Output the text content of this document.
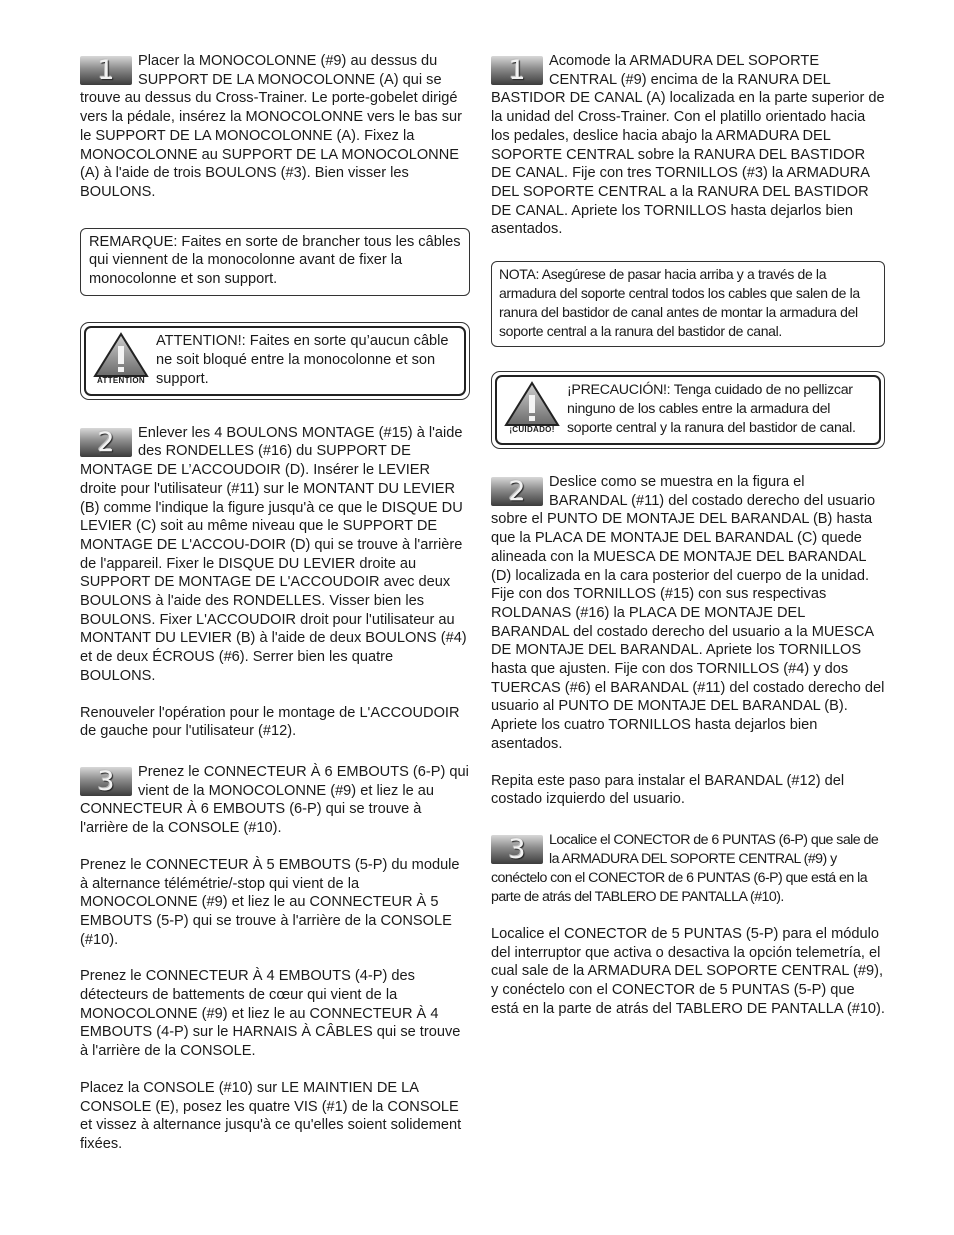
1	Placer la MONOCOLONNE (#9) au dessus du SUPPORT DE LA MONOCOLONNE (A) qui se trouve au dessus du Cross-Trainer. Le porte-gobelet dirigé vers la pédale, insérez la MONOCOLONNE vers le bas sur le SUPPORT DE LA MONOCOLONNE (A). Fixez la MONOCOLONNE au SUPPORT DE LA MONOCOLONNE (A) à l'aide de trois BOULONS (#3). Bien visser les BOULONS.

REMARQUE: Faites en sorte de brancher tous les câbles qui viennent de la monocolonne avant de fixer la monocolonne et son support.
ATTENTION
ATTENTION!: Faites en sorte qu’aucun câble ne soit bloqué entre la monocolonne et son support.
2	Enlever les 4 BOULONS MONTAGE (#15) à l'aide des RONDELLES (#16) du SUPPORT DE MONTAGE DE L’ACCOUDOIR (D). Insérer le LEVIER droite pour l'utilisateur (#11) sur le MONTANT DU LEVIER (B) comme l'indique la figure jusqu'à ce que le DISQUE DU LEVIER (C) soit au même niveau que le SUPPORT DE MONTAGE DE L'ACCOU-DOIR (D) qui se trouve à l'arrière de l'appareil. Fixer le DISQUE DU LEVIER droite au SUPPORT DE MONTAGE DE L'ACCOUDOIR avec deux BOULONS à l'aide des RONDELLES. Visser bien les BOULONS. Fixer L'ACCOUDOIR droit pour l'utilisateur au MONTANT DU LEVIER (B) à l'aide de deux BOULONS (#4) et de deux ÉCROUS (#6). Serrer bien les quatre BOULONS.

Renouveler l'opération pour le montage de L'ACCOUDOIR de gauche pour l'utilisateur (#12).

3	Prenez le CONNECTEUR À 6 EMBOUTS (6-P) qui vient de la MONOCOLONNE (#9) et liez le au CONNECTEUR À 6 EMBOUTS (6-P) qui se trouve à l'arrière de la CONSOLE (#10).

Prenez le CONNECTEUR À 5 EMBOUTS (5-P) du module à alternance télémétrie/-stop qui vient de la MONOCOLONNE (#9) et liez le au CONNECTEUR À 5 EMBOUTS (5-P) qui se trouve à l'arrière de la CONSOLE (#10).

Prenez le CONNECTEUR À 4 EMBOUTS (4-P) des détecteurs de battements de cœur qui vient de la MONOCOLONNE (#9) et liez le au CONNECTEUR À 4 EMBOUTS (4-P) sur le HARNAIS À CÂBLES qui se trouve à l'arrière de la CONSOLE.

Placez la CONSOLE (#10) sur LE MAINTIEN DE LA CONSOLE (E), posez les quatre VIS (#1) de la CONSOLE et vissez à alternance jusqu'à ce qu'elles soient solidement fixées.

1	Acomode la ARMADURA DEL SOPORTE CENTRAL (#9) encima de la RANURA DEL BASTIDOR DE CANAL (A) localizada en la parte superior de la unidad del Cross-Trainer. Con el platillo orientado hacia los pedales, deslice hacia abajo la ARMADURA DEL SOPORTE CENTRAL sobre la RANURA DEL BASTIDOR DE CANAL. Fije con tres TORNILLOS (#3) la ARMADURA DEL SOPORTE CENTRAL a la RANURA DEL BASTIDOR DE CANAL. Apriete los TORNILLOS hasta dejarlos bien asentados.

NOTA: Asegúrese de pasar hacia arriba y a través de la armadura del soporte central todos los cables que salen de la ranura del bastidor de canal antes de montar la armadura del soporte central a la ranura del bastidor de canal.
¡CUIDADO!
¡PRECAUCIÓN!: Tenga cuidado de no pellizcar ninguno de los cables entre la armadura del soporte central y la ranura del bastidor de canal.
2	Deslice como se muestra en la figura el BARANDAL (#11) del costado derecho del usuario sobre el PUNTO DE MONTAJE DEL BARANDAL (B) hasta que la PLACA DE MONTAJE DEL BARANDAL (C) quede alineada con la MUESCA DE MONTAJE DEL BARANDAL (D) localizada en la cara posterior del cuerpo de la unidad. Fije con dos TORNILLOS (#15) con sus respectivas ROLDANAS (#16) la PLACA DE MONTAJE DEL BARANDAL del costado derecho del usuario a la MUESCA DE MONTAJE DEL BARANDAL. Apriete los TORNILLOS hasta que ajusten. Fije con dos TORNILLOS (#4) y dos TUERCAS (#6) el BARANDAL (#11) del costado derecho del usuario al PUNTO DE MONTAJE DEL BARANDAL (B). Apriete los cuatro TORNILLOS hasta dejarlos bien asentados.

Repita este paso para instalar el BARANDAL (#12) del costado izquierdo del usuario.

3	Localice el CONECTOR de 6 PUNTAS (6-P) que sale de la ARMADURA DEL SOPORTE CENTRAL (#9) y conéctelo con el CONECTOR de 6 PUNTAS (6-P) que está en la parte de atrás del TABLERO DE PANTALLA (#10).

Localice el CONECTOR de 5 PUNTAS (5-P) para el módulo del interruptor que activa o desactiva la opción telemetría, el cual sale de la ARMADURA DEL SOPORTE CENTRAL (#9), y conéctelo con el CONECTOR de 5 PUNTAS (5-P) que está en la parte de atrás del TABLERO DE PANTALLA (#10).
